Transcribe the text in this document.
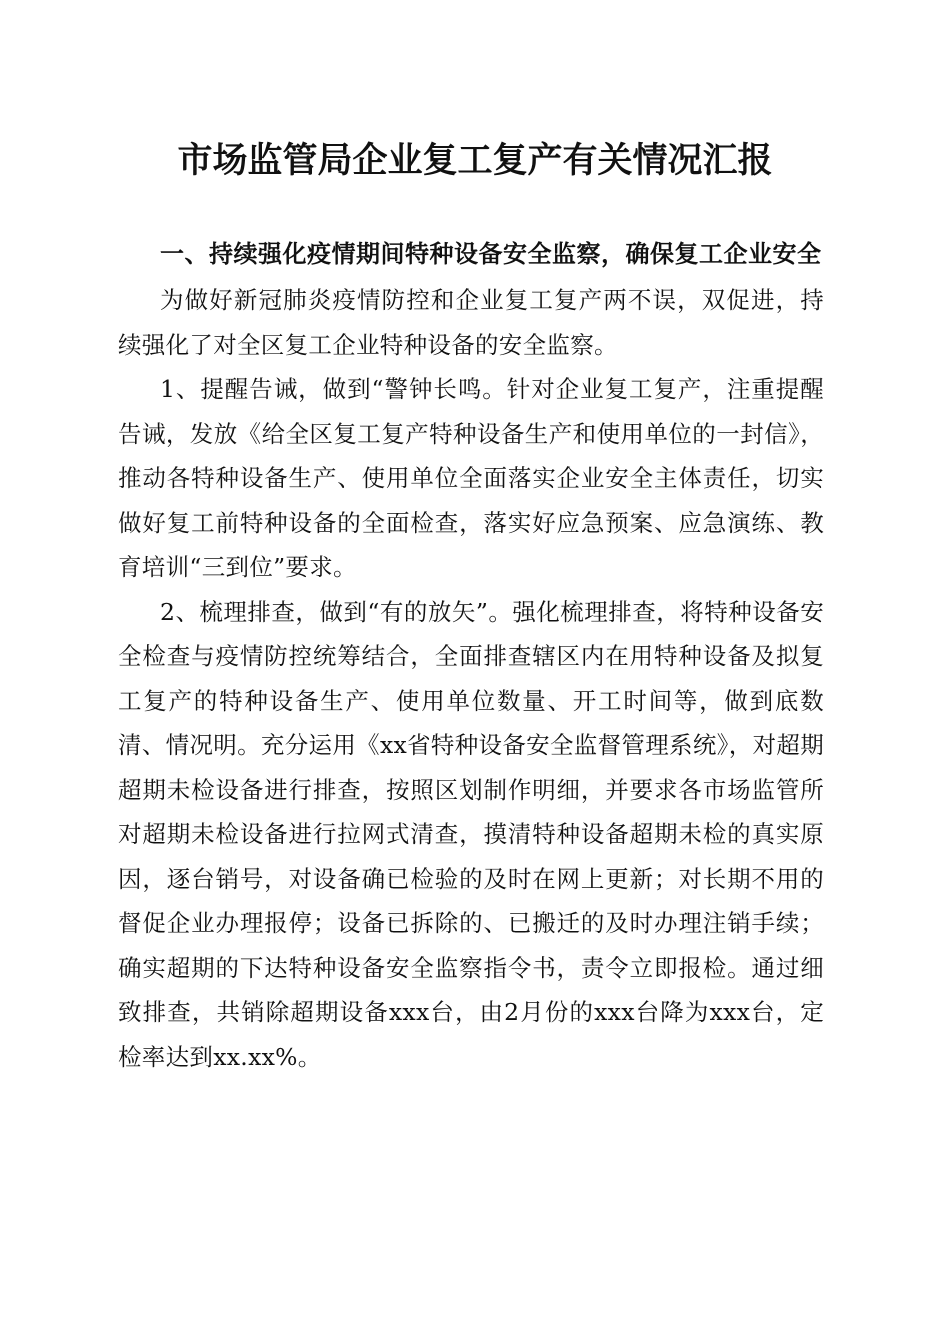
市场监管局企业复工复产有关情况汇报

一、持续强化疫情期间特种设备安全监察，确保复工企业安全

为做好新冠肺炎疫情防控和企业复工复产两不误，双促进，持续强化了对全区复工企业特种设备的安全监察。

1、提醒告诫，做到“警钟长鸣。针对企业复工复产，注重提醒告诫，发放《给全区复工复产特种设备生产和使用单位的一封信》，推动各特种设备生产、使用单位全面落实企业安全主体责任，切实做好复工前特种设备的全面检查，落实好应急预案、应急演练、教育培训“三到位”要求。

2、梳理排查，做到“有的放矢”。强化梳理排查，将特种设备安全检查与疫情防控统筹结合，全面排查辖区内在用特种设备及拟复工复产的特种设备生产、使用单位数量、开工时间等，做到底数清、情况明。充分运用《xx省特种设备安全监督管理系统》，对超期超期未检设备进行排查，按照区划制作明细，并要求各市场监管所对超期未检设备进行拉网式清查，摸清特种设备超期未检的真实原因，逐台销号，对设备确已检验的及时在网上更新；对长期不用的督促企业办理报停；设备已拆除的、已搬迁的及时办理注销手续；确实超期的下达特种设备安全监察指令书，责令立即报检。通过细致排查，共销除超期设备xxx台，由2月份的xxx台降为xxx台，定检率达到xx.xx%。
